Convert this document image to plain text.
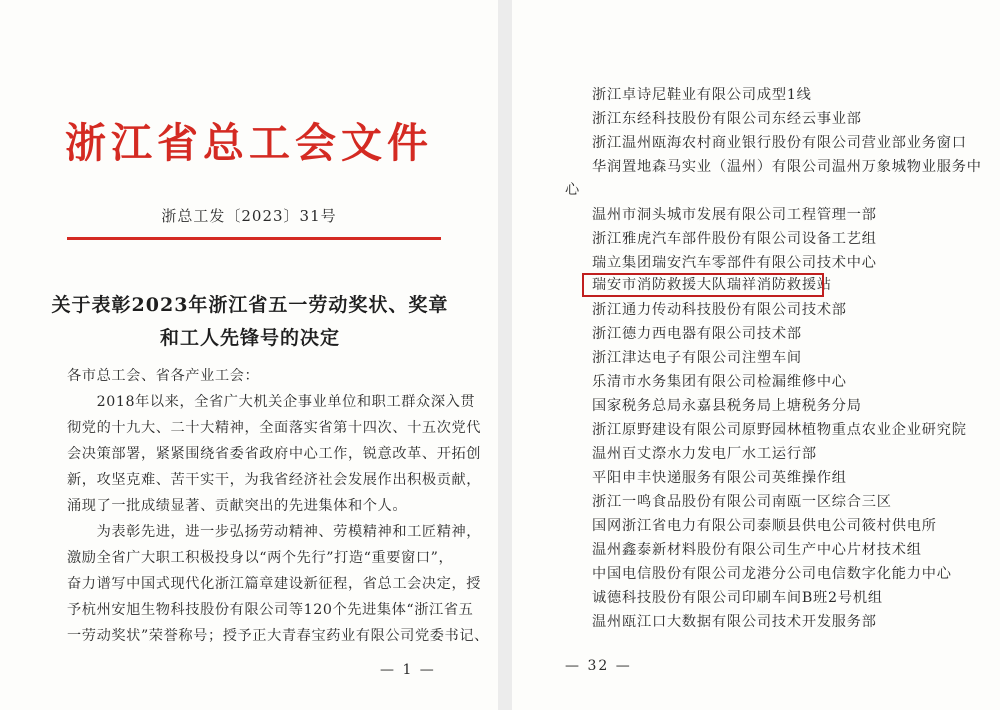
浙江省总工会文件
浙总工发〔2023〕31号
关于表彰2023年浙江省五一劳动奖状、奖章
和工人先锋号的决定
各市总工会、省各产业工会：
　　2018年以来，全省广大机关企事业单位和职工群众深入贯
彻党的十九大、二十大精神，全面落实省第十四次、十五次党代
会决策部署，紧紧围绕省委省政府中心工作，锐意改革、开拓创
新，攻坚克难、苦干实干，为我省经济社会发展作出积极贡献，
涌现了一批成绩显著、贡献突出的先进集体和个人。
　　为表彰先进，进一步弘扬劳动精神、劳模精神和工匠精神，
激励全省广大职工积极投身以“两个先行”打造“重要窗口”，
奋力谱写中国式现代化浙江篇章建设新征程，省总工会决定，授
予杭州安旭生物科技股份有限公司等120个先进集体“浙江省五
一劳动奖状”荣誉称号；授予正大青春宝药业有限公司党委书记、
— 1 —
浙江卓诗尼鞋业有限公司成型1线
浙江东经科技股份有限公司东经云事业部
浙江温州瓯海农村商业银行股份有限公司营业部业务窗口
华润置地森马实业（温州）有限公司温州万象城物业服务中
心
温州市洞头城市发展有限公司工程管理一部
浙江雅虎汽车部件股份有限公司设备工艺组
瑞立集团瑞安汽车零部件有限公司技术中心
瑞安市消防救援大队瑞祥消防救援站
浙江通力传动科技股份有限公司技术部
浙江德力西电器有限公司技术部
浙江津达电子有限公司注塑车间
乐清市水务集团有限公司检漏维修中心
国家税务总局永嘉县税务局上塘税务分局
浙江原野建设有限公司原野园林植物重点农业企业研究院
温州百丈漈水力发电厂水工运行部
平阳申丰快递服务有限公司英维操作组
浙江一鸣食品股份有限公司南瓯一区综合三区
国网浙江省电力有限公司泰顺县供电公司筱村供电所
温州鑫泰新材料股份有限公司生产中心片材技术组
中国电信股份有限公司龙港分公司电信数字化能力中心
诚德科技股份有限公司印刷车间B班2号机组
温州瓯江口大数据有限公司技术开发服务部
— 32 —
